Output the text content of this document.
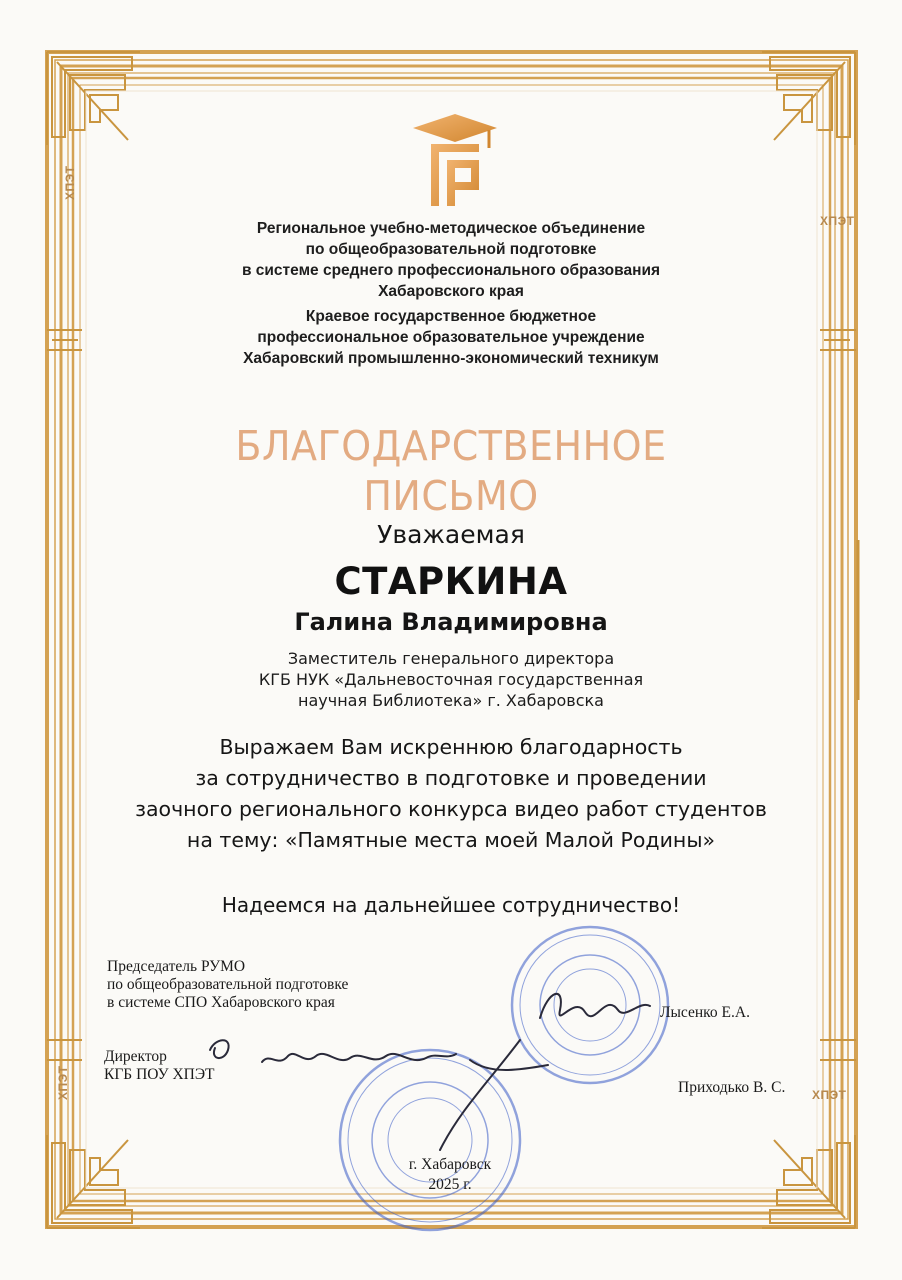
ХПЭТ
ХПЭТ
ХПЭТ	ХПЭТ
Региональное учебно-методическое объединение
по общеобразовательной подготовке
в системе среднего профессионального образования
Хабаровского края
Краевое государственное бюджетное
профессиональное образовательное учреждение
Хабаровский промышленно-экономический техникум
БЛАГОДАРСТВЕННОЕ
ПИСЬМО
Уважаемая
СТАРКИНА
Галина Владимировна
Заместитель генерального директора
КГБ НУК «Дальневосточная государственная
научная Библиотека» г. Хабаровска
Выражаем Вам искреннюю благодарность
за сотрудничество в подготовке и проведении
заочного регионального конкурса видео работ студентов
на тему: «Памятные места моей Малой Родины»
Надеемся на дальнейшее сотрудничество!
Председатель РУМО
по общеобразовательной подготовке
в системе СПО Хабаровского края
Лысенко Е.А.
Директор
КГБ ПОУ ХПЭТ
Приходько В. С.
г. Хабаровск
2025 г.
